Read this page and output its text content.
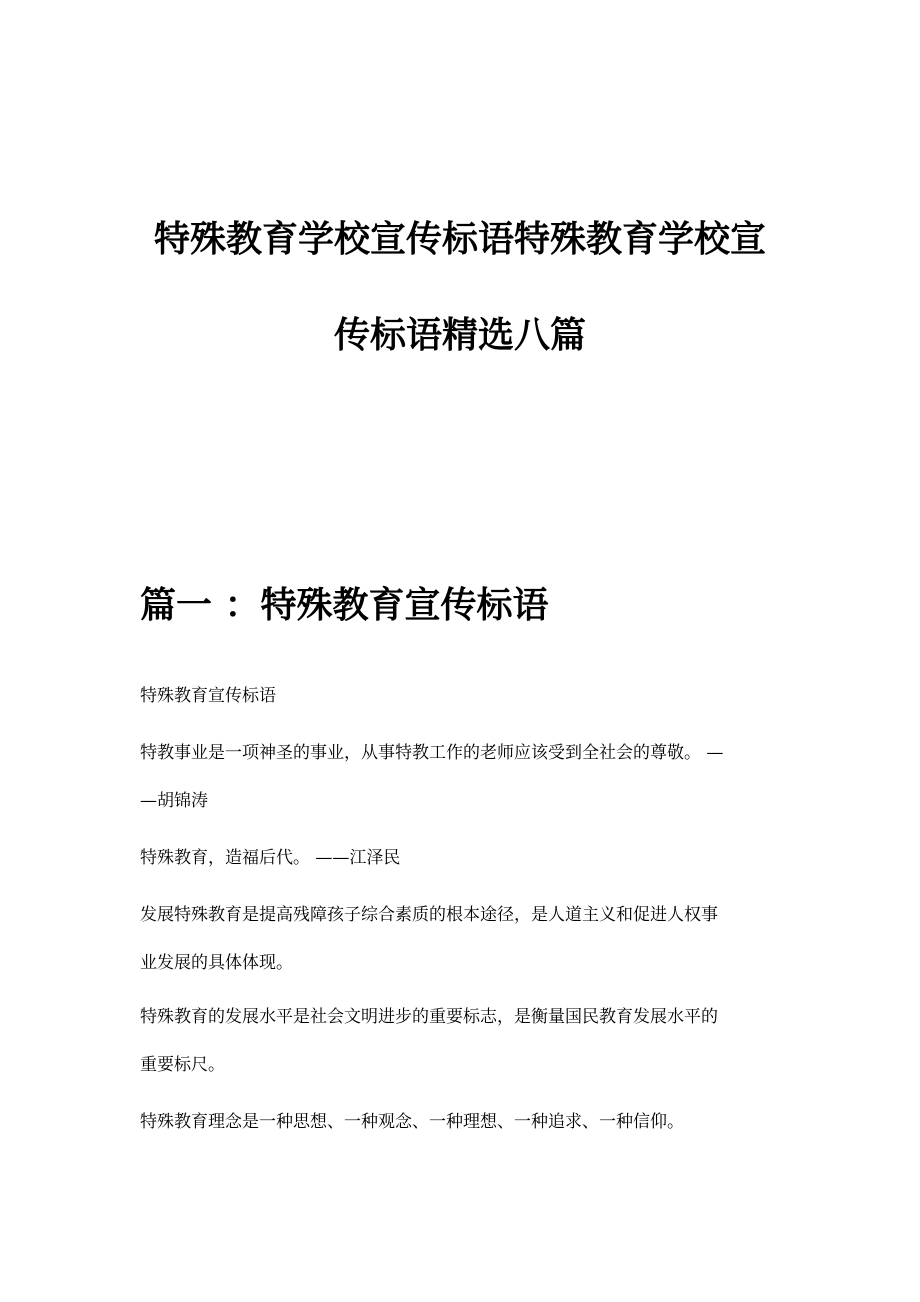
特殊教育学校宣传标语特殊教育学校宣
传标语精选八篇
篇一 ：特殊教育宣传标语

特殊教育宣传标语

特教事业是一项神圣的事业，从事特教工作的老师应该受到全社会的尊敬。 —

—胡锦涛

特殊教育，造福后代。 ——江泽民

发展特殊教育是提高残障孩子综合素质的根本途径，是人道主义和促进人权事

业发展的具体体现。

特殊教育的发展水平是社会文明进步的重要标志，是衡量国民教育发展水平的

重要标尺。

特殊教育理念是一种思想、一种观念、一种理想、一种追求、一种信仰。
